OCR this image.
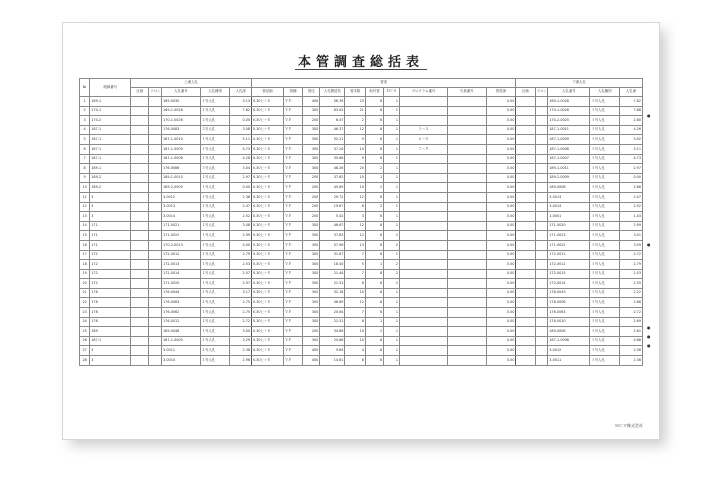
本管調査総括表
№	路線番号	上流人孔					管渠										下流人孔				
		区画	ドロン	人孔番号	人孔種別	人孔深	管径細	管種	管径	人孔間延長	管本数	取付管	ＤＣＳ	プログラム番号	写真番号	管渠深	区画	ドロン	人孔番号	人孔種別	人孔深
1	169-1			169-0030	１号人孔	3.13	0.30ヒ＋Ｅ	ＶＰ	400	56.39	23	8	1			0.00			169-1-0028	１号人孔	7.82
2	170-1			169-1-0028	１号人孔	7.82	0.30ヒ＋Ｅ	ＶＰ	300	63.42	21	8	1			0.00			170-1-0026	１号人孔	7.88
3	170-2			170-1-0026	２号人孔	0.00	0.30ヒ＋Ｅ	ＶＰ	200	6.47	2	8	1			0.00			170-2-0025	１号人孔	2.80
4	187-1			176-0083	３号人孔	3.58	0.30ヒ＋Ｅ	ＶＰ	300	46.37	12	8	1	１～５		0.00			187-1-0011	１号人孔	4.26
5	187-1			187-1-0010	１号人孔	5.11	0.30ヒ＋Ｅ	ＶＰ	300	52.21	9	8	1	６～０		0.00			187-1-0009	１号人孔	3.92
6	187-1			187-1-0009	１号人孔	4.73	0.30ヒ＋Ｅ	ＶＰ	300	37.24	10	8	1	７～９		0.00			187-1-0008	１号人孔	5.11
7	187-1			187-1-0008	１号人孔	4.26	0.30ヒ＋Ｅ	ＶＰ	300	35.66	9	8	1			0.00			187-1-0007	１号人孔	4.73
8	189-1			176-0086	３号人孔	3.04	0.30ヒ＋Ｅ	ＶＰ	300	48.26	20	2	1			0.00			189-1-0011	１号人孔	2.97
9	189-2			189-1-0010	１号人孔	2.97	0.30ヒ＋Ｅ	ＶＰ	200	37.82	10	1	1			0.00			189-2-0009	１号人孔	0.00
10	189-2			189-2-0009	１号人孔	0.00	0.30ヒ＋Ｅ	ＶＰ	200	45.69	10	2	1			0.00			189-0008	１号人孔	2.68
11	3			3-0012	１号人孔	2.36	0.30ヒ＋Ｅ	ＶＰ	200	29.72	12	8	1			0.00			3-0013	１号人孔	2.47
12	3			3-0013	１号人孔	2.47	0.30ヒ＋Ｅ	ＶＰ	200	19.87	8	2	1			0.00			3-0014	１号人孔	2.52
13	3			3-0014	１号人孔	2.52	0.30ヒ＋Ｅ	ＶＰ	200	5.42	3	8	1			0.00			1-0001	１号人孔	1.43
14	171			171-0021	１号人孔	3.08	0.30ヒ＋Ｅ	ＶＰ	300	46.67	12	8	1			0.00			171-0020	１号人孔	2.99
15	171			171-0022	１号人孔	2.99	0.30ヒ＋Ｅ	ＶＰ	300	37.83	12	8	2			0.00			171-0023	１号人孔	3.01
16	171			170-2-0013	１号人孔	0.00	0.30ヒ＋Ｅ	ＶＰ	300	57.96	13	8	2			0.00			171-0022	１号人孔	3.09
17	172			172-0012	１号人孔	2.79	0.30ヒ＋Ｅ	ＶＰ	300	31.87	7	8	1			0.00			172-0011	１号人孔	2.72
18	172			172-0013	１号人孔	2.53	0.30ヒ＋Ｅ	ＶＰ	300	18.40	5	1	2			0.00			172-0012	１号人孔	2.79
19	172			172-0014	１号人孔	2.57	0.30ヒ＋Ｅ	ＶＰ	300	21.44	7	8	2			0.00			172-0015	１号人孔	2.53
20	172			171-0020	１号人孔	2.97	0.30ヒ＋Ｅ	ＶＰ	300	21.51	6	8	2			0.00			172-0014	１号人孔	2.55
21	176			176-0044	１号人孔	3.17	0.30ヒ＋Ｅ	ＶＰ	300	32.16	10	8	1			0.00			176-0043	１号人孔	2.22
22	176			176-0063	１号人孔	2.75	0.30ヒ＋Ｅ	ＶＰ	300	46.89	12	8	1			0.00			176-0006	１号人孔	2.66
23	176			176-0062	１号人孔	2.75	0.30ヒ＋Ｅ	ＶＰ	300	20.64	7	8	1			0.00			176-0063	１号人孔	2.72
24	176			176-0012	１号人孔	2.72	0.30ヒ＋Ｅ	ＶＰ	300	21.51	6	1	1			0.00			176-0010	１号人孔	2.69
25	189			189-0048	１号人孔	3.00	0.30ヒ＋Ｅ	ＶＰ	200	34.86	10	2	1			0.00			189-0006	１号人孔	2.61
26	187-1			187-1-0005	１号人孔	3.29	0.30ヒ＋Ｅ	ＶＰ	300	24.66	10	8	1			0.00			187-1-0006	１号人孔	4.88
27	3			3-0011	１号人孔	2.36	0.30ヒ＋Ｅ	ＶＰ	400	9.64	4	8	1			0.00			3-0012	１号人孔	2.36
28	3			3-0010	１号人孔	2.96	0.30ヒ＋Ｅ	ＶＰ	400	14.61	8	8	1			0.00			3-0011	１号人孔	2.36
●
●
●
●
●
ＨＣＴ株式会社
